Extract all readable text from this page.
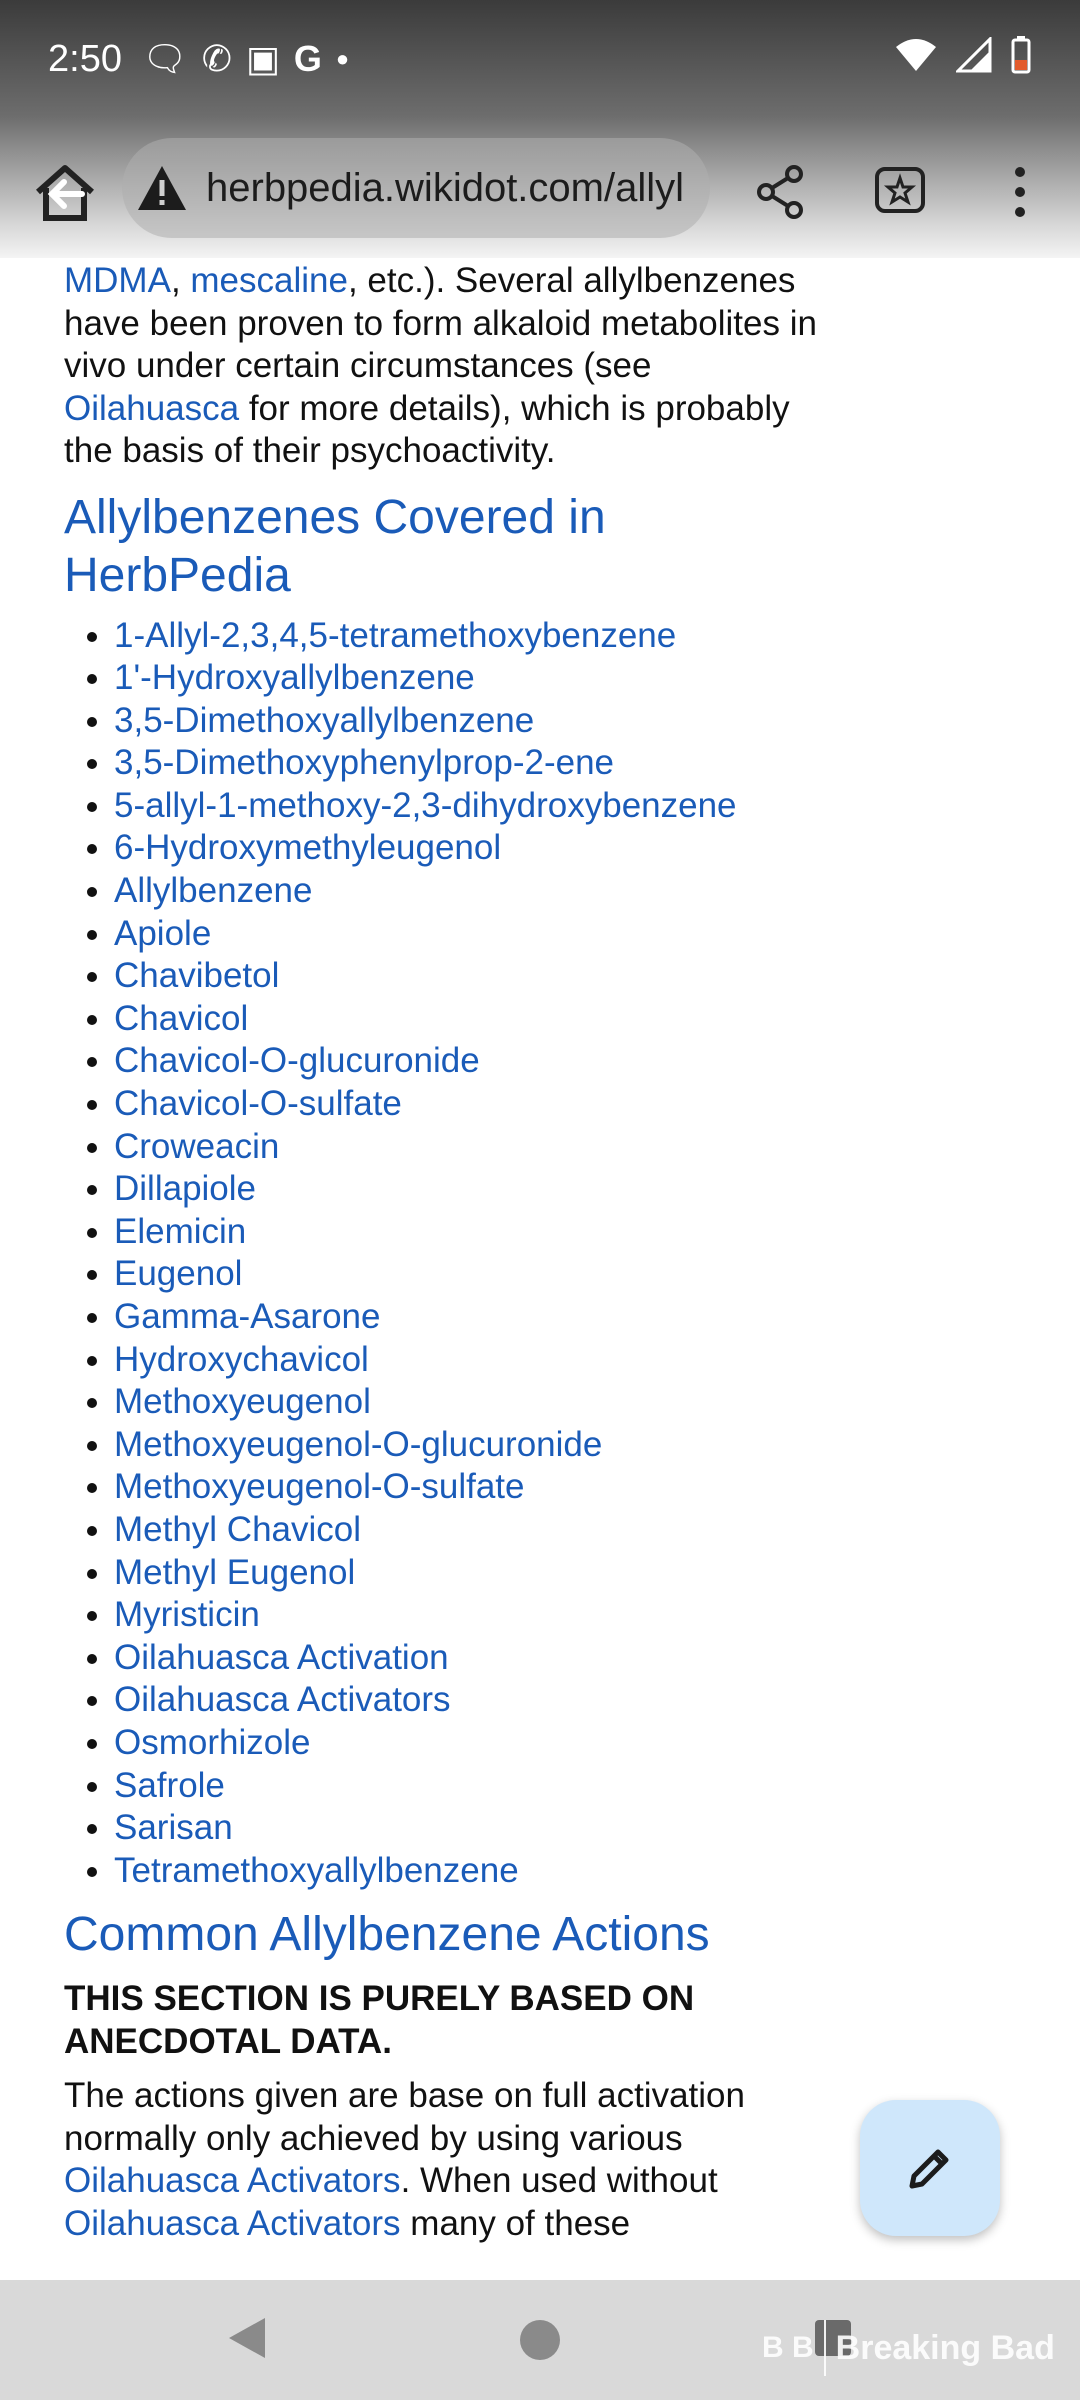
2:50 🗨 ✆ ▣ G ●
herbpedia.wikidot.com/allyl

MDMA, mescaline, etc.). Several allylbenzenes have been proven to form alkaloid metabolites in vivo under certain circumstances (see Oilahuasca for more details), which is probably the basis of their psychoactivity.

Allylbenzenes Covered in HerbPedia
• 1-Allyl-2,3,4,5-tetramethoxybenzene
• 1'-Hydroxyallylbenzene
• 3,5-Dimethoxyallylbenzene
• 3,5-Dimethoxyphenylprop-2-ene
• 5-allyl-1-methoxy-2,3-dihydroxybenzene
• 6-Hydroxymethyleugenol
• Allylbenzene
• Apiole
• Chavibetol
• Chavicol
• Chavicol-O-glucuronide
• Chavicol-O-sulfate
• Croweacin
• Dillapiole
• Elemicin
• Eugenol
• Gamma-Asarone
• Hydroxychavicol
• Methoxyeugenol
• Methoxyeugenol-O-glucuronide
• Methoxyeugenol-O-sulfate
• Methyl Chavicol
• Methyl Eugenol
• Myristicin
• Oilahuasca Activation
• Oilahuasca Activators
• Osmorhizole
• Safrole
• Sarisan
• Tetramethoxyallylbenzene
Common Allylbenzene Actions

THIS SECTION IS PURELY BASED ON ANECDOTAL DATA.

The actions given are base on full activation normally only achieved by using various Oilahuasca Activators. When used without Oilahuasca Activators many of these

B B Breaking Bad
